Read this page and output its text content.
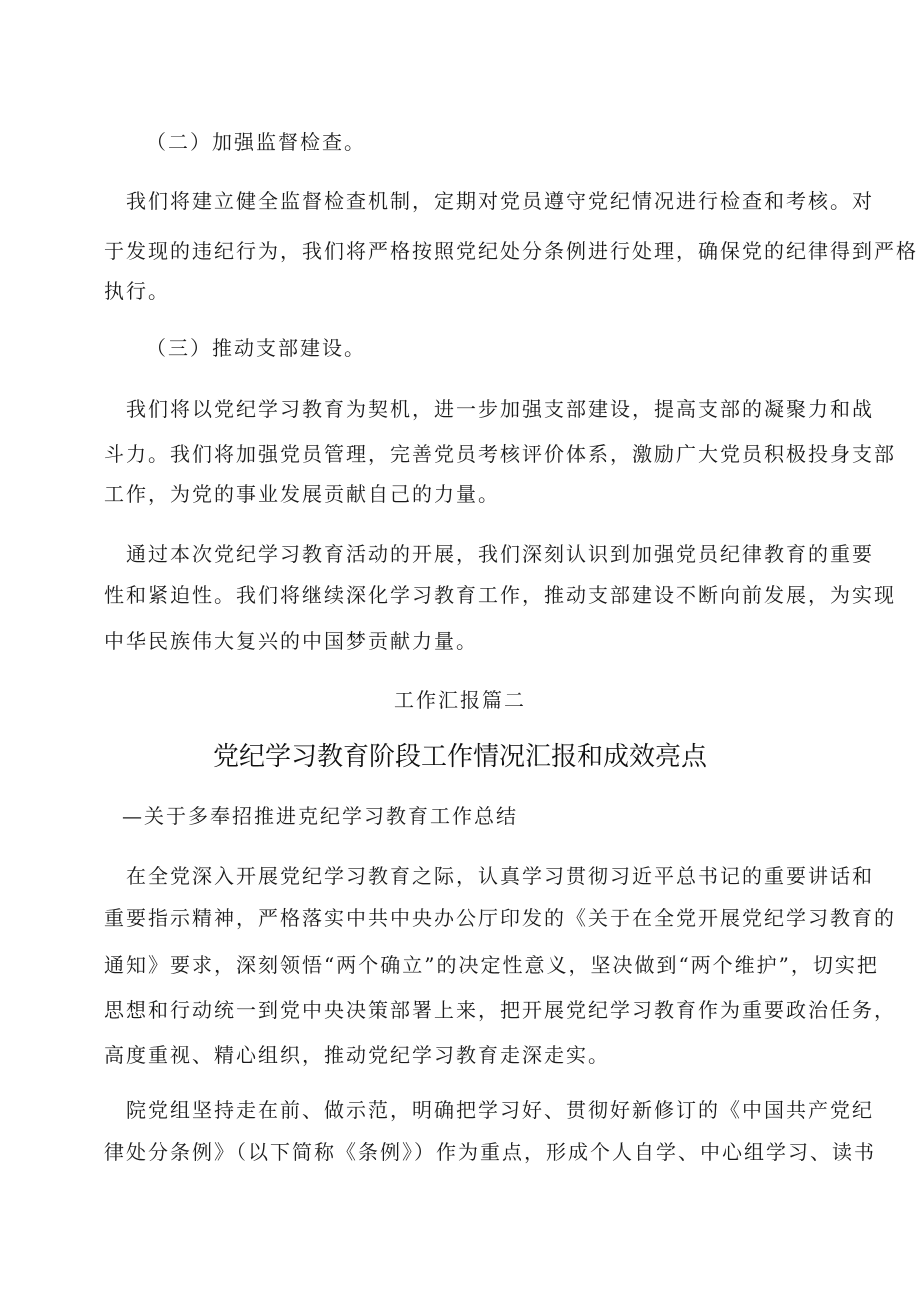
（二）加强监督检查。
我们将建立健全监督检查机制，定期对党员遵守党纪情况进行检查和考核。对
于发现的违纪行为，我们将严格按照党纪处分条例进行处理，确保党的纪律得到严格
执行。
（三）推动支部建设。
我们将以党纪学习教育为契机，进一步加强支部建设，提高支部的凝聚力和战
斗力。我们将加强党员管理，完善党员考核评价体系，激励广大党员积极投身支部
工作，为党的事业发展贡献自己的力量。
通过本次党纪学习教育活动的开展，我们深刻认识到加强党员纪律教育的重要
性和紧迫性。我们将继续深化学习教育工作，推动支部建设不断向前发展，为实现
中华民族伟大复兴的中国梦贡献力量。
工作汇报篇二
党纪学习教育阶段工作情况汇报和成效亮点
—关于多奉招推进克纪学习教育工作总结
在全党深入开展党纪学习教育之际，认真学习贯彻习近平总书记的重要讲话和
重要指示精神，严格落实中共中央办公厅印发的《关于在全党开展党纪学习教育的
通知》要求，深刻领悟“两个确立”的决定性意义，坚决做到“两个维护”，切实把
思想和行动统一到党中央决策部署上来，把开展党纪学习教育作为重要政治任务，
高度重视、精心组织，推动党纪学习教育走深走实。
院党组坚持走在前、做示范，明确把学习好、贯彻好新修订的《中国共产党纪
律处分条例》（以下简称《条例》）作为重点，形成个人自学、中心组学习、读书
